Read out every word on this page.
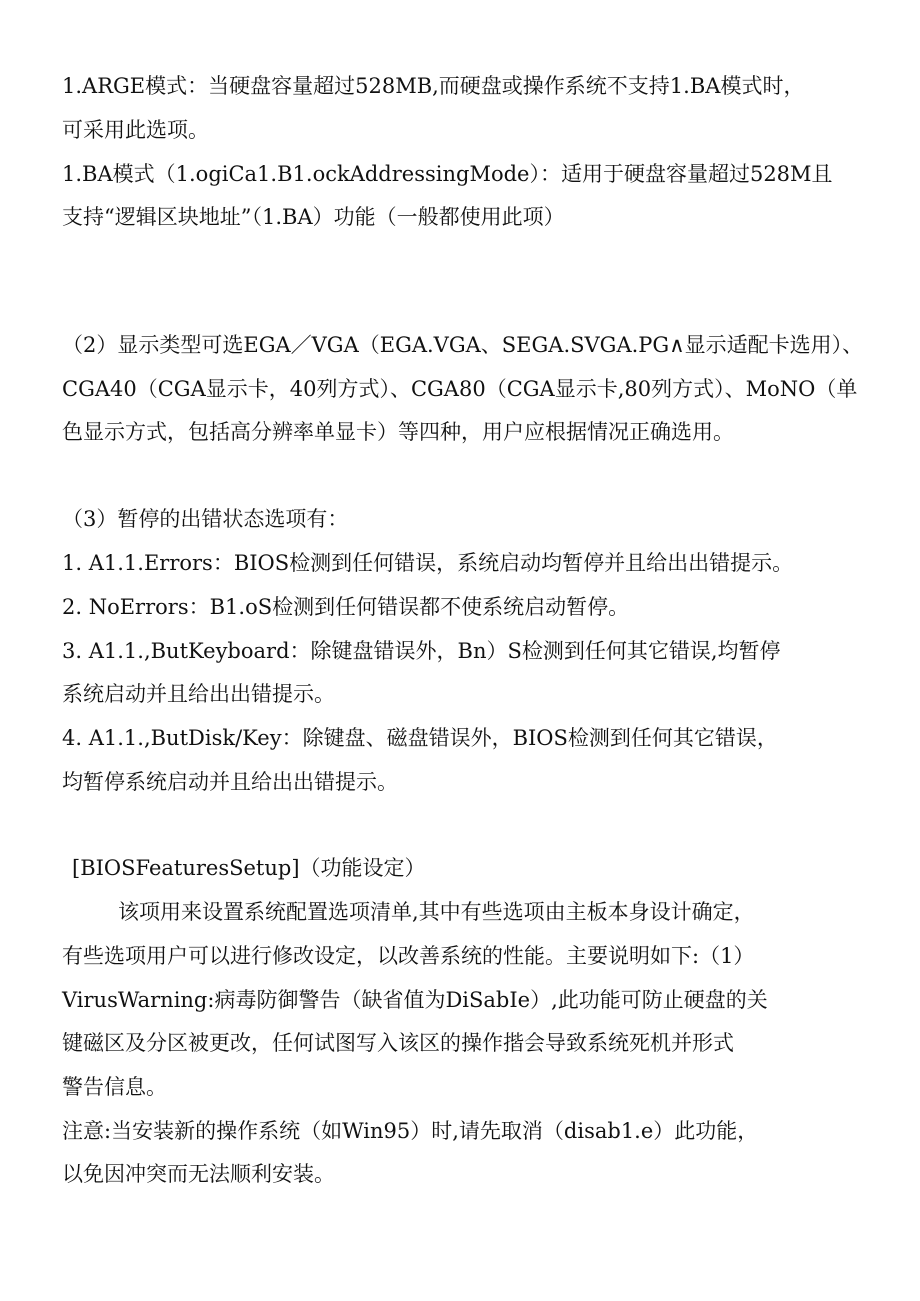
1.ARGE模式：当硬盘容量超过528MB,而硬盘或操作系统不支持1.BA模式时，
可采用此选项。
1.BA模式（1.ogiCa1.B1.ockAddressingMode）：适用于硬盘容量超过528M且
支持“逻辑区块地址”（1.BA）功能（一般都使用此项）
（2）显示类型可选EGA／VGA（EGA.VGA、SEGA.SVGA.PG∧显示适配卡选用）、
CGA40（CGA显示卡，40列方式）、CGA80（CGA显示卡,80列方式）、MoNO（单
色显示方式，包括高分辨率单显卡）等四种，用户应根据情况正确选用。
（3）暂停的出错状态选项有：
1. A1.1.Errors：BIOS检测到任何错误，系统启动均暂停并且给出出错提示。
2. NoErrors：B1.oS检测到任何错误都不使系统启动暂停。
3. A1.1.,ButKeyboard：除键盘错误外，Bn）S检测到任何其它错误,均暂停
系统启动并且给出出错提示。
4. A1.1.,ButDisk/Key：除键盘、磁盘错误外，BIOS检测到任何其它错误，
均暂停系统启动并且给出出错提示。
[BIOSFeaturesSetup]（功能设定）
该项用来设置系统配置选项清单,其中有些选项由主板本身设计确定，
有些选项用户可以进行修改设定，以改善系统的性能。主要说明如下:（1）
VirusWarning:病毒防御警告（缺省值为DiSabIe）,此功能可防止硬盘的关
键磁区及分区被更改，任何试图写入该区的操作揩会导致系统死机并形式
警告信息。
注意:当安装新的操作系统（如Win95）时,请先取消（disab1.e）此功能，
以免因冲突而无法顺利安装。
